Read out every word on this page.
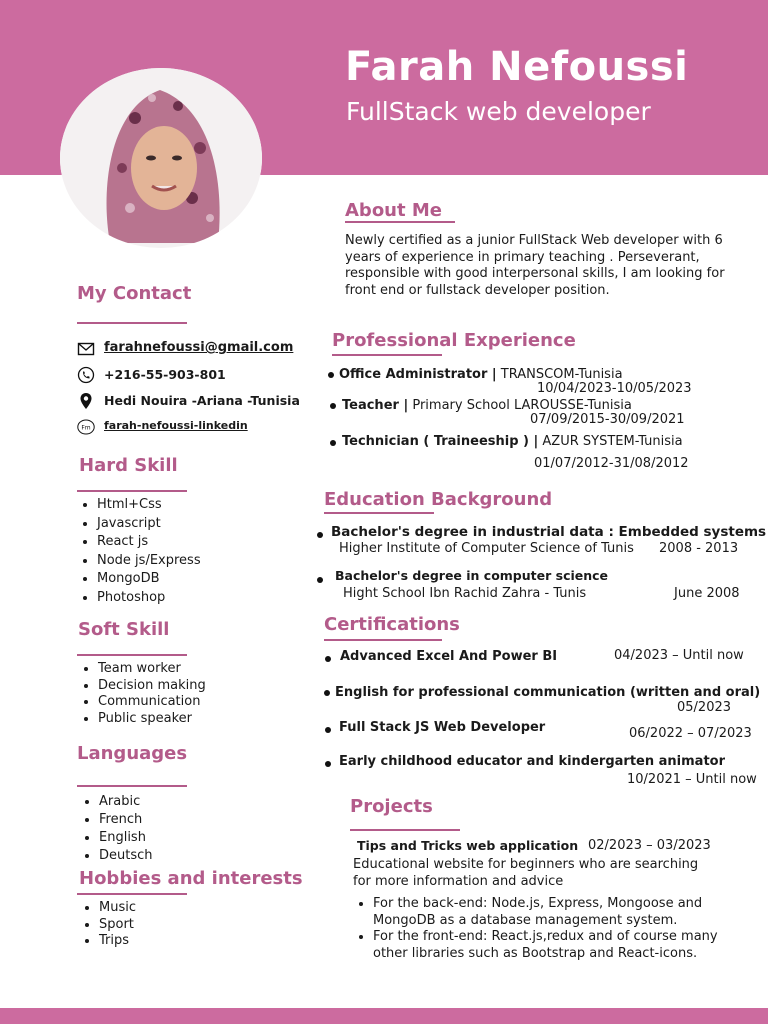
Farah Nefoussi
FullStack web developer
My Contact
farahnefoussi@gmail.com
+216-55-903-801
Hedi Nouira -Ariana -Tunisia
Fm farah-nefoussi-linkedin
Hard Skill
• Html+Css
• Javascript
• React js
• Node js/Express
• MongoDB
• Photoshop
Soft Skill
• Team worker
• Decision making
• Communication
• Public speaker
Languages
• Arabic
• French
• English
• Deutsch
Hobbies and interests
• Music
• Sport
• Trips
About Me
Newly certified as a junior FullStack Web developer with 6 years of experience in primary teaching . Perseverant, responsible with good interpersonal skills, I am looking for front end or fullstack developer position.
Professional Experience
Office Administrator | TRANSCOM-Tunisia
10/04/2023-10/05/2023
Teacher | Primary School LAROUSSE-Tunisia
07/09/2015-30/09/2021
Technician ( Traineeship ) | AZUR SYSTEM-Tunisia
01/07/2012-31/08/2012
Education Background
Bachelor's degree in industrial data : Embedded systems
Higher Institute of Computer Science of Tunis 2008 - 2013
Bachelor's degree in computer science
Hight School Ibn Rachid Zahra - Tunis	June 2008
Certifications
Advanced Excel And Power BI	04/2023 – Until now
English for professional communication (written and oral)
05/2023
Full Stack JS Web Developer	06/2022 – 07/2023
Early childhood educator and kindergarten animator
10/2021 – Until now
Projects
Tips and Tricks web application 02/2023 – 03/2023
Educational website for beginners who are searching for more information and advice
• For the back-end: Node.js, Express, Mongoose and MongoDB as a database management system.
• For the front-end: React.js,redux and of course many other libraries such as Bootstrap and React-icons.
